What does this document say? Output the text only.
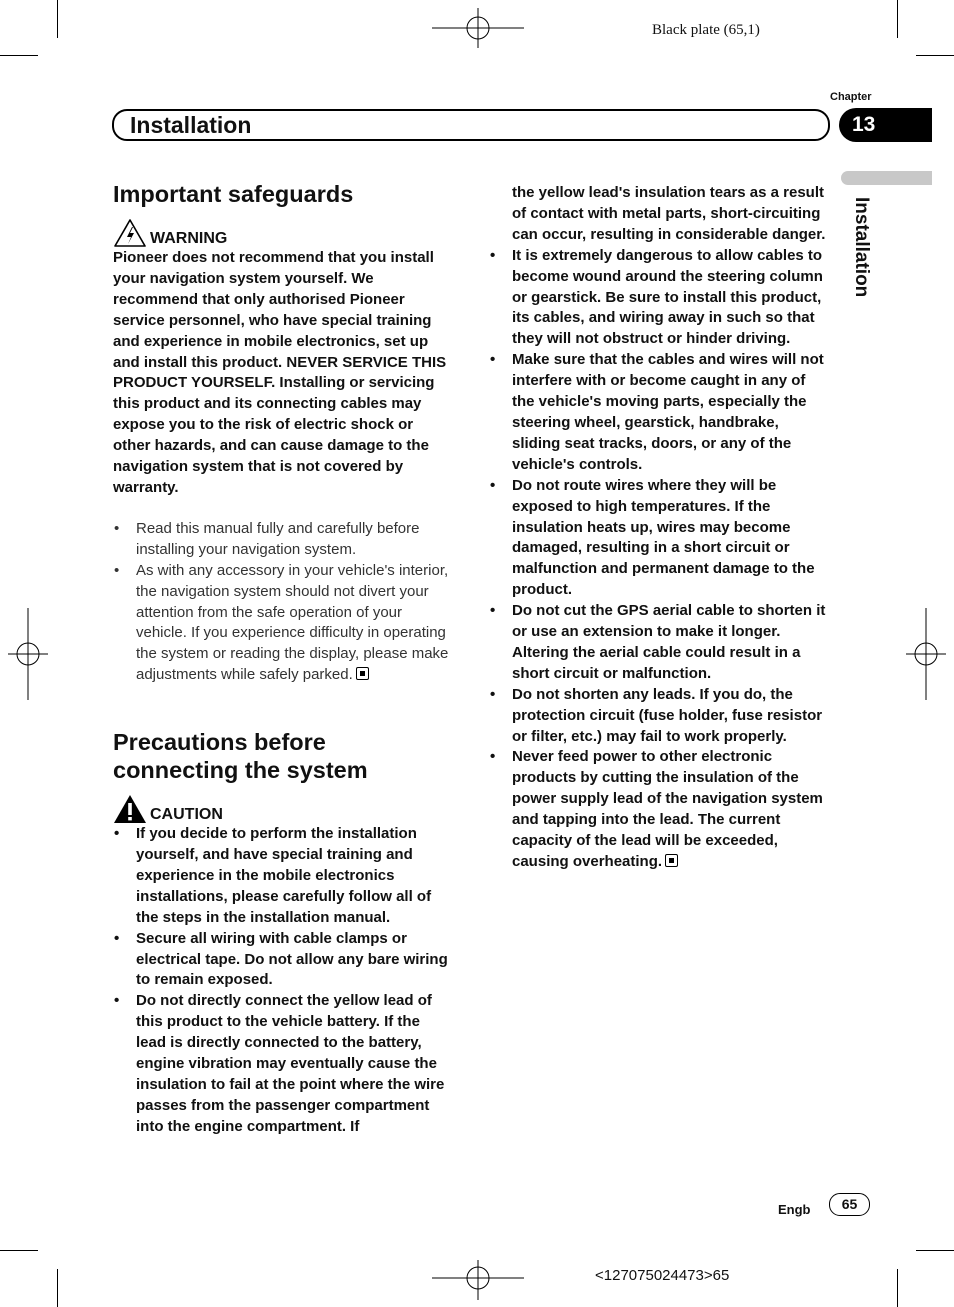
Black plate (65,1)
Chapter
Installation	13
Installation
Important safeguards
WARNING

Pioneer does not recommend that you install your navigation system yourself. We recommend that only authorised Pioneer service personnel, who have special training and experience in mobile electronics, set up and install this product. NEVER SERVICE THIS PRODUCT YOURSELF. Installing or servicing this product and its connecting cables may expose you to the risk of electric shock or other hazards, and can cause damage to the navigation system that is not covered by warranty.

• Read this manual fully and carefully before installing your navigation system.
• As with any accessory in your vehicle's interior, the navigation system should not divert your attention from the safe operation of your vehicle. If you experience difficulty in operating the system or reading the display, please make adjustments while safely parked.
Precautions before connecting the system
CAUTION
• If you decide to perform the installation yourself, and have special training and experience in the mobile electronics installations, please carefully follow all of the steps in the installation manual.
• Secure all wiring with cable clamps or electrical tape. Do not allow any bare wiring to remain exposed.
• Do not directly connect the yellow lead of this product to the vehicle battery. If the lead is directly connected to the battery, engine vibration may eventually cause the insulation to fail at the point where the wire passes from the passenger compartment into the engine compartment. If

the yellow lead's insulation tears as a result of contact with metal parts, short-circuiting can occur, resulting in considerable danger.

• It is extremely dangerous to allow cables to become wound around the steering column or gearstick. Be sure to install this product, its cables, and wiring away in such so that they will not obstruct or hinder driving.
• Make sure that the cables and wires will not interfere with or become caught in any of the vehicle's moving parts, especially the steering wheel, gearstick, handbrake, sliding seat tracks, doors, or any of the vehicle's controls.
• Do not route wires where they will be exposed to high temperatures. If the insulation heats up, wires may become damaged, resulting in a short circuit or malfunction and permanent damage to the product.
• Do not cut the GPS aerial cable to shorten it or use an extension to make it longer. Altering the aerial cable could result in a short circuit or malfunction.
• Do not shorten any leads. If you do, the protection circuit (fuse holder, fuse resistor or filter, etc.) may fail to work properly.
• Never feed power to other electronic products by cutting the insulation of the power supply lead of the navigation system and tapping into the lead. The current capacity of the lead will be exceeded, causing overheating.
Engb	65
<127075024473>65
